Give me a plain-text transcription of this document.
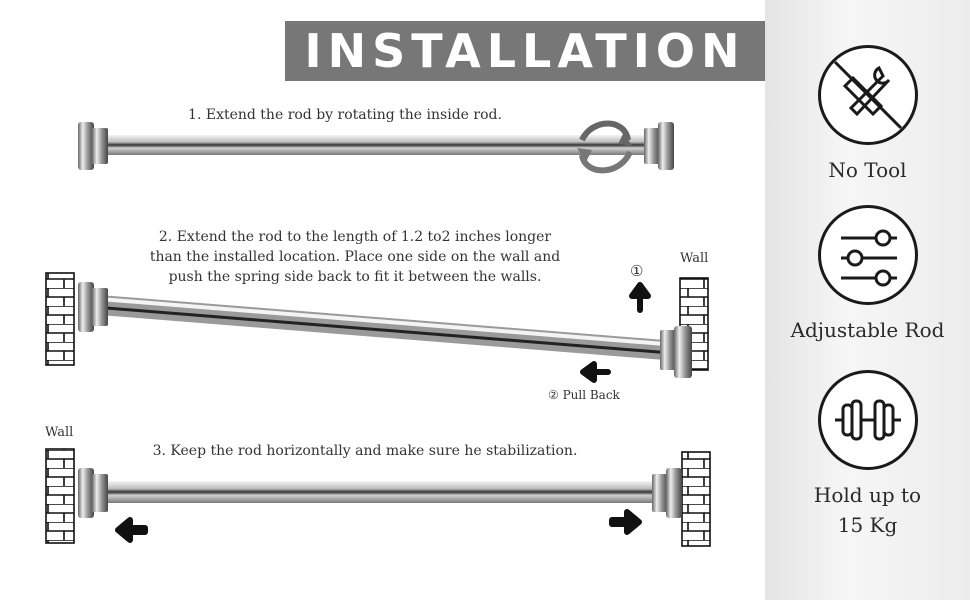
INSTALLATION
1. Extend the rod by rotating the inside rod.
2. Extend the rod to the length of 1.2 to2 inches longer
than the installed location. Place one side on the wall and
push the spring side back to fit it between the walls.
3. Keep the rod horizontally and make sure he stabilization.
Wall
Wall
①
② Pull Back
No Tool
Adjustable Rod
Hold up to
15 Kg
